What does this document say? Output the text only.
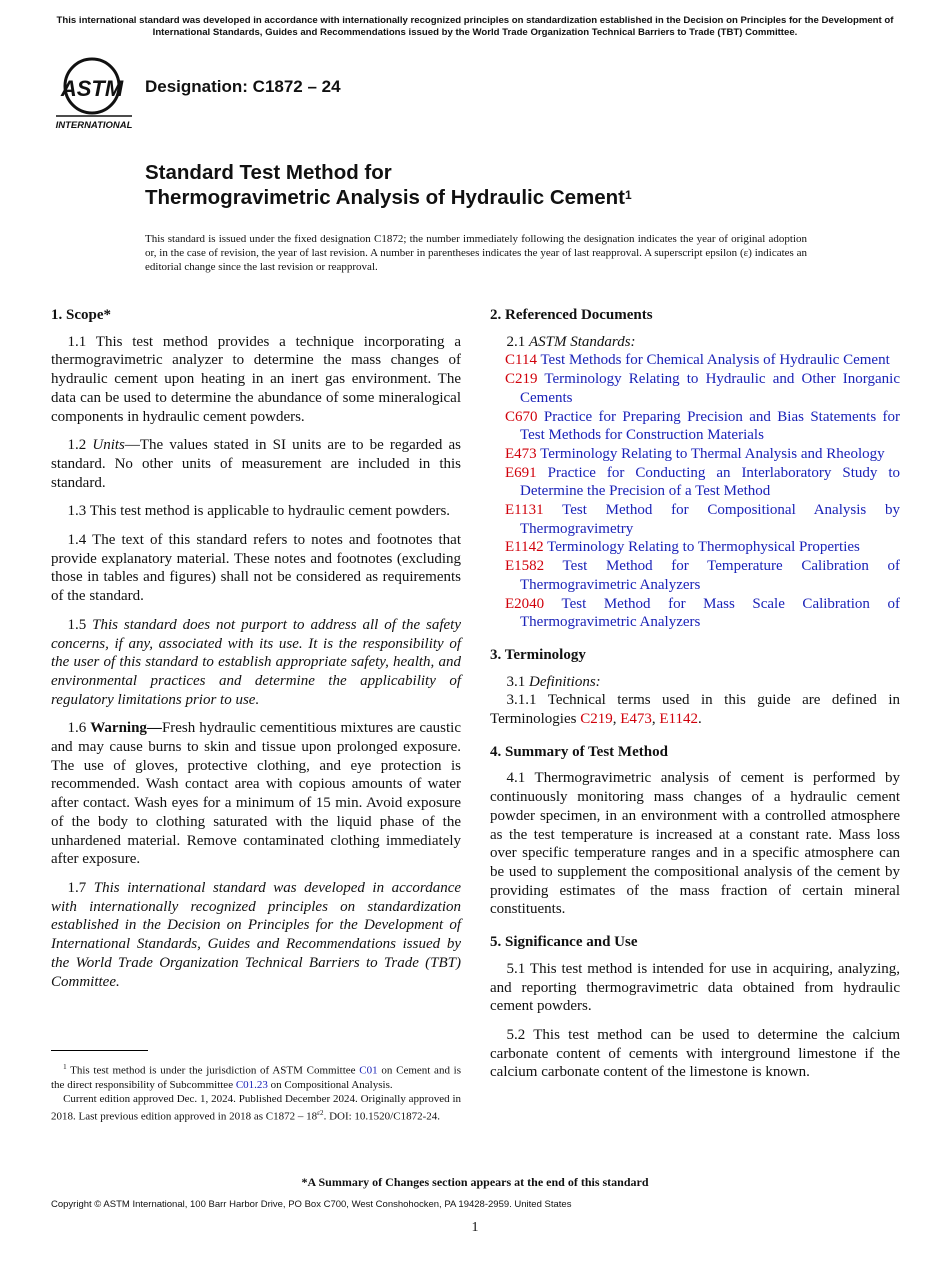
This international standard was developed in accordance with internationally recognized principles on standardization established in the Decision on Principles for the Development of International Standards, Guides and Recommendations issued by the World Trade Organization Technical Barriers to Trade (TBT) Committee.
ASTM
INTERNATIONAL
Designation: C1872 – 24
Standard Test Method for
Thermogravimetric Analysis of Hydraulic Cement$^1$
This standard is issued under the fixed designation C1872; the number immediately following the designation indicates the year of original adoption or, in the case of revision, the year of last revision. A number in parentheses indicates the year of last reapproval. A superscript epsilon (ε) indicates an editorial change since the last revision or reapproval.
1. Scope*

1.1 This test method provides a technique incorporating a thermogravimetric analyzer to determine the mass changes of hydraulic cement upon heating in an inert gas environment. The data can be used to determine the abundance of some mineralogical components in hydraulic cement powders.

1.2 Units—The values stated in SI units are to be regarded as standard. No other units of measurement are included in this standard.

1.3 This test method is applicable to hydraulic cement powders.

1.4 The text of this standard refers to notes and footnotes that provide explanatory material. These notes and footnotes (excluding those in tables and figures) shall not be considered as requirements of the standard.

1.5 This standard does not purport to address all of the safety concerns, if any, associated with its use. It is the responsibility of the user of this standard to establish appropriate safety, health, and environmental practices and determine the applicability of regulatory limitations prior to use.

1.6 Warning—Fresh hydraulic cementitious mixtures are caustic and may cause burns to skin and tissue upon prolonged exposure. The use of gloves, protective clothing, and eye protection is recommended. Wash contact area with copious amounts of water after contact. Wash eyes for a minimum of 15 min. Avoid exposure of the body to clothing saturated with the liquid phase of the unhardened material. Remove contaminated clothing immediately after exposure.

1.7 This international standard was developed in accordance with internationally recognized principles on standardization established in the Decision on Principles for the Development of International Standards, Guides and Recommendations issued by the World Trade Organization Technical Barriers to Trade (TBT) Committee.

2. Referenced Documents
2.1 ASTM Standards:
C114 Test Methods for Chemical Analysis of Hydraulic Cement
C219 Terminology Relating to Hydraulic and Other Inorganic Cements
C670 Practice for Preparing Precision and Bias Statements for Test Methods for Construction Materials
E473 Terminology Relating to Thermal Analysis and Rheology
E691 Practice for Conducting an Interlaboratory Study to Determine the Precision of a Test Method
E1131 Test Method for Compositional Analysis by Thermogravimetry
E1142 Terminology Relating to Thermophysical Properties
E1582 Test Method for Temperature Calibration of Thermogravimetric Analyzers
E2040 Test Method for Mass Scale Calibration of Thermogravimetric Analyzers
3. Terminology
3.1 Definitions:

3.1.1 Technical terms used in this guide are defined in Terminologies C219, E473, E1142.

4. Summary of Test Method

4.1 Thermogravimetric analysis of cement is performed by continuously monitoring mass changes of a hydraulic cement powder specimen, in an environment with a controlled atmosphere as the test temperature is increased at a constant rate. Mass loss over specific temperature ranges and in a specific atmosphere can be used to supplement the compositional analysis of the cement by providing estimates of the mass fraction of certain mineral constituents.

5. Significance and Use

5.1 This test method is intended for use in acquiring, analyzing, and reporting thermogravimetric data obtained from hydraulic cement powders.

5.2 This test method can be used to determine the calcium carbonate content of cements with interground limestone if the calcium carbonate content of the limestone is known.

$^1$ This test method is under the jurisdiction of ASTM Committee C01 on Cement and is the direct responsibility of Subcommittee C01.23 on Compositional Analysis.

Current edition approved Dec. 1, 2024. Published December 2024. Originally approved in 2018. Last previous edition approved in 2018 as $C1872 - 18^{\varepsilon 2}$. DOI: 10.1520/C1872-24.

*A Summary of Changes section appears at the end of this standard
Copyright © ASTM International, 100 Barr Harbor Drive, PO Box C700, West Conshohocken, PA 19428-2959. United States
1
